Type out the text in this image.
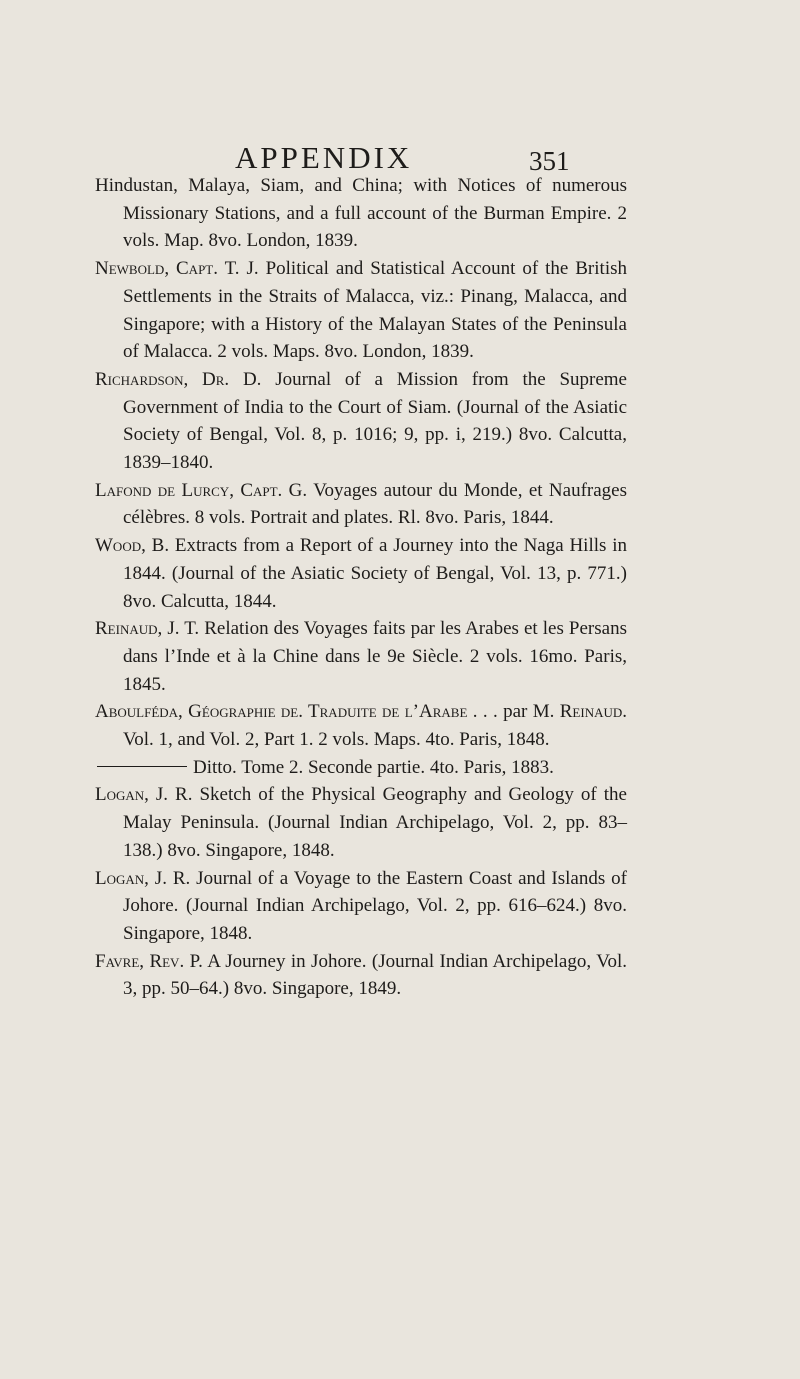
APPENDIX	351

Hindustan, Malaya, Siam, and China; with Notices of numerous Missionary Stations, and a full account of the Burman Empire. 2 vols. Map. 8vo. London, 1839.

Newbold, Capt. T. J. Political and Statistical Account of the British Settlements in the Straits of Malacca, viz.: Pinang, Malacca, and Singapore; with a History of the Malayan States of the Peninsula of Malacca. 2 vols. Maps. 8vo. London, 1839.

Richardson, Dr. D. Journal of a Mission from the Supreme Government of India to the Court of Siam. (Journal of the Asiatic Society of Bengal, Vol. 8, p. 1016; 9, pp. i, 219.) 8vo. Calcutta, 1839–1840.

Lafond de Lurcy, Capt. G. Voyages autour du Monde, et Naufrages célèbres. 8 vols. Portrait and plates. Rl. 8vo. Paris, 1844.

Wood, B. Extracts from a Report of a Journey into the Naga Hills in 1844. (Journal of the Asiatic Society of Bengal, Vol. 13, p. 771.) 8vo. Calcutta, 1844.

Reinaud, J. T. Relation des Voyages faits par les Arabes et les Persans dans l’Inde et à la Chine dans le 9e Siècle. 2 vols. 16mo. Paris, 1845.

Aboulféda, Géographie de. Traduite de l’Arabe . . . par M. Reinaud. Vol. 1, and Vol. 2, Part 1. 2 vols. Maps. 4to. Paris, 1848.

Ditto. Tome 2. Seconde partie. 4to. Paris, 1883.

Logan, J. R. Sketch of the Physical Geography and Geology of the Malay Peninsula. (Journal Indian Archipelago, Vol. 2, pp. 83–138.) 8vo. Singapore, 1848.

Logan, J. R. Journal of a Voyage to the Eastern Coast and Islands of Johore. (Journal Indian Archipelago, Vol. 2, pp. 616–624.) 8vo. Singapore, 1848.

Favre, Rev. P. A Journey in Johore. (Journal Indian Archipelago, Vol. 3, pp. 50–64.) 8vo. Singapore, 1849.
